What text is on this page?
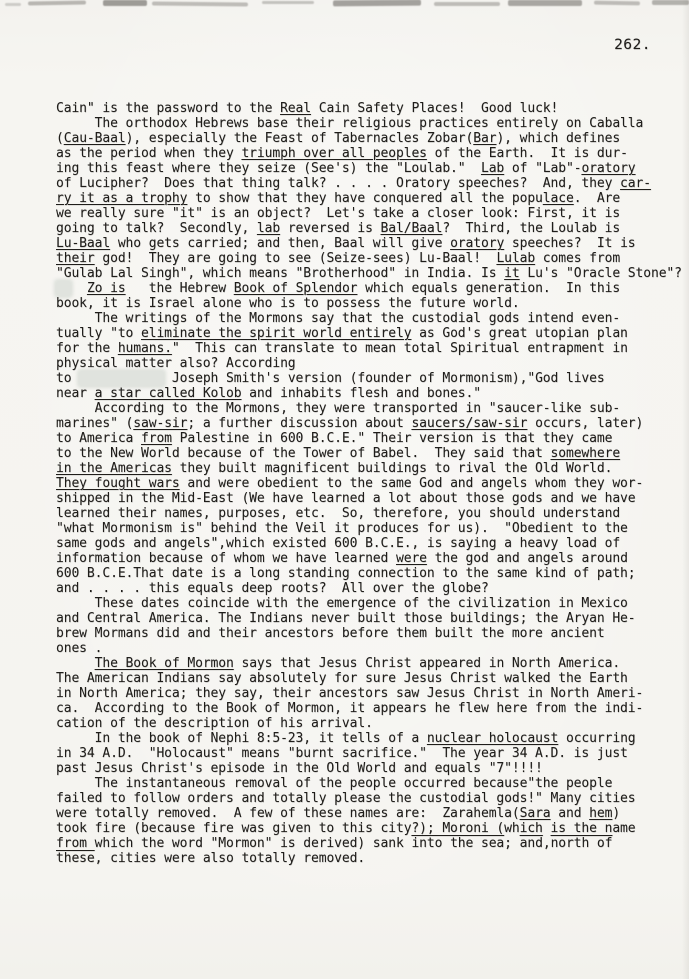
262.
Cain" is the password to the Real Cain Safety Places!  Good luck!
The orthodox Hebrews base their religious practices entirely on Caballa
(Cau-Baal), especially the Feast of Tabernacles Zobar(Bar), which defines
as the period when they triumph over all peoples of the Earth.  It is dur-
ing this feast where they seize (See's) the "Loulab."  Lab of "Lab"-oratory
of Lucipher?  Does that thing talk? . . . . Oratory speeches?  And, they car-
ry it as a trophy to show that they have conquered all the populace.  Are
we really sure "it" is an object?  Let's take a closer look: First, it is
going to talk?  Secondly, lab reversed is Bal/Baal?  Third, the Loulab is
Lu-Baal who gets carried; and then, Baal will give oratory speeches?  It is
their god!  They are going to see (Seize-sees) Lu-Baal!  Lulab comes from
"Gulab Lal Singh", which means "Brotherhood" in India. Is it Lu's "Oracle Stone"?
Zo is   the Hebrew Book of Splendor which equals generation.  In this
book, it is Israel alone who is to possess the future world.
The writings of the Mormons say that the custodial gods intend even-
tually "to eliminate the spirit world entirely as God's great utopian plan
for the humans."  This can translate to mean total Spiritual entrapment in
physical matter also? According
to	Joseph Smith's version (founder of Mormonism),"God lives
near a star called Kolob and inhabits flesh and bones."
According to the Mormons, they were transported in "saucer-like sub-
marines" (saw-sir; a further discussion about saucers/saw-sir occurs, later)
to America from Palestine in 600 B.C.E." Their version is that they came
to the New World because of the Tower of Babel.  They said that somewhere
in the Americas they built magnificent buildings to rival the Old World.
They fought wars and were obedient to the same God and angels whom they wor-
shipped in the Mid-East (We have learned a lot about those gods and we have
learned their names, purposes, etc.  So, therefore, you should understand
"what Mormonism is" behind the Veil it produces for us).  "Obedient to the
same gods and angels",which existed 600 B.C.E., is saying a heavy load of
information because of whom we have learned were the god and angels around
600 B.C.E.That date is a long standing connection to the same kind of path;
and . . . . this equals deep roots?  All over the globe?
These dates coincide with the emergence of the civilization in Mexico
and Central America. The Indians never built those buildings; the Aryan He-
brew Mormans did and their ancestors before them built the more ancient
ones .
The Book of Mormon says that Jesus Christ appeared in North America.
The American Indians say absolutely for sure Jesus Christ walked the Earth
in North America; they say, their ancestors saw Jesus Christ in North Ameri-
ca.  According to the Book of Mormon, it appears he flew here from the indi-
cation of the description of his arrival.
In the book of Nephi 8:5-23, it tells of a nuclear holocaust occurring
in 34 A.D.  "Holocaust" means "burnt sacrifice."  The year 34 A.D. is just
past Jesus Christ's episode in the Old World and equals "7"!!!!
The instantaneous removal of the people occurred because"the people
failed to follow orders and totally please the custodial gods!" Many cities
were totally removed.  A few of these names are:  Zarahemla(Sara and hem)
took fire (because fire was given to this city?); Moroni (which is the name
from which the word "Mormon" is derived) sank into the sea; $\overline{and},north$ of
these, cities were also totally removed.
